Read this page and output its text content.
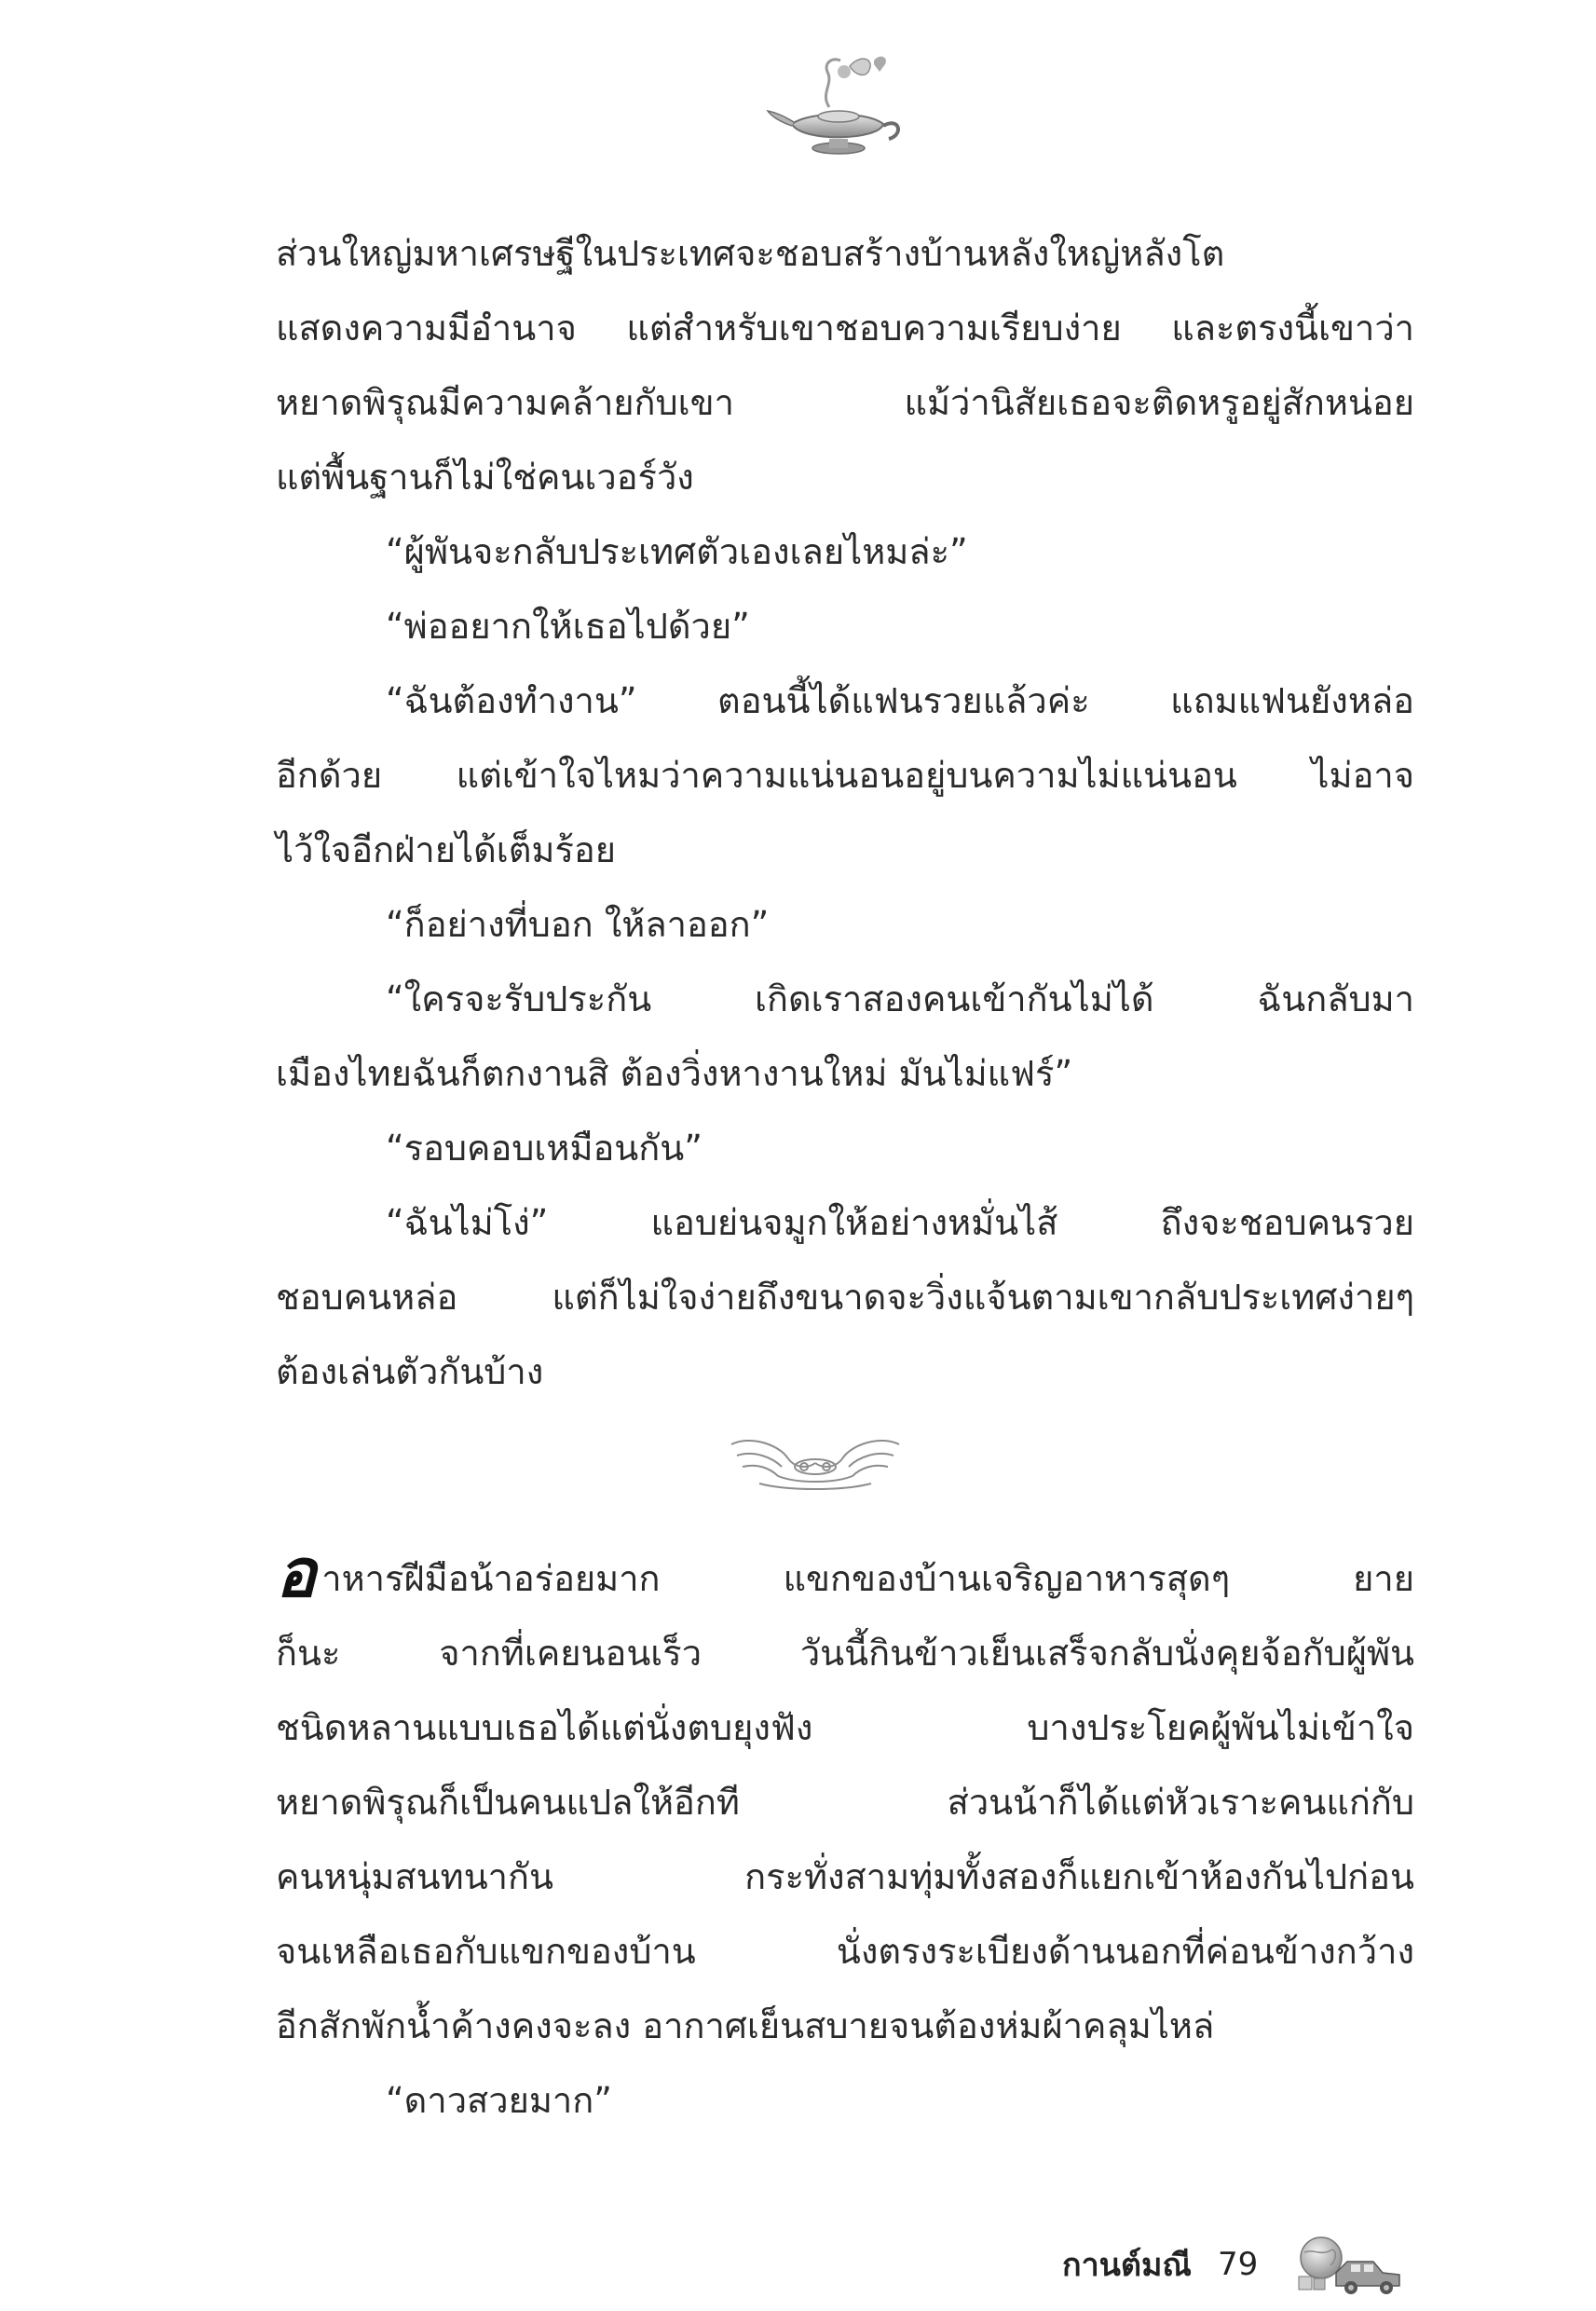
ส่วนใหญ่มหาเศรษฐีในประเทศจะชอบสร้างบ้านหลังใหญ่หลังโต
แสดงความมีอำนาจ แต่สำหรับเขาชอบความเรียบง่าย และตรงนี้เขาว่า
หยาดพิรุณมีความคล้ายกับเขา แม้ว่านิสัยเธอจะติดหรูอยู่สักหน่อย
แต่พื้นฐานก็ไม่ใช่คนเวอร์วัง
“ผู้พันจะกลับประเทศตัวเองเลยไหมล่ะ”
“พ่ออยากให้เธอไปด้วย”
“ฉันต้องทำงาน” ตอนนี้ได้แฟนรวยแล้วค่ะ แถมแฟนยังหล่อ
อีกด้วย แต่เข้าใจไหมว่าความแน่นอนอยู่บนความไม่แน่นอน ไม่อาจ
ไว้ใจอีกฝ่ายได้เต็มร้อย
“ก็อย่างที่บอก ให้ลาออก”
“ใครจะรับประกัน เกิดเราสองคนเข้ากันไม่ได้ ฉันกลับมา
เมืองไทยฉันก็ตกงานสิ ต้องวิ่งหางานใหม่ มันไม่แฟร์”
“รอบคอบเหมือนกัน”
“ฉันไม่โง่” แอบย่นจมูกให้อย่างหมั่นไส้ ถึงจะชอบคนรวย
ชอบคนหล่อ แต่ก็ไม่ใจง่ายถึงขนาดจะวิ่งแจ้นตามเขากลับประเทศง่ายๆ
ต้องเล่นตัวกันบ้าง
อาหารฝีมือน้าอร่อยมาก แขกของบ้านเจริญอาหารสุดๆ ยาย
ก็นะ จากที่เคยนอนเร็ว วันนี้กินข้าวเย็นเสร็จกลับนั่งคุยจ้อกับผู้พัน
ชนิดหลานแบบเธอได้แต่นั่งตบยุงฟัง บางประโยคผู้พันไม่เข้าใจ
หยาดพิรุณก็เป็นคนแปลให้อีกที ส่วนน้าก็ได้แต่หัวเราะคนแก่กับ
คนหนุ่มสนทนากัน กระทั่งสามทุ่มทั้งสองก็แยกเข้าห้องกันไปก่อน
จนเหลือเธอกับแขกของบ้าน นั่งตรงระเบียงด้านนอกที่ค่อนข้างกว้าง
อีกสักพักน้ำค้างคงจะลง อากาศเย็นสบายจนต้องห่มผ้าคลุมไหล่
“ดาวสวยมาก”
กานต์มณี 79
